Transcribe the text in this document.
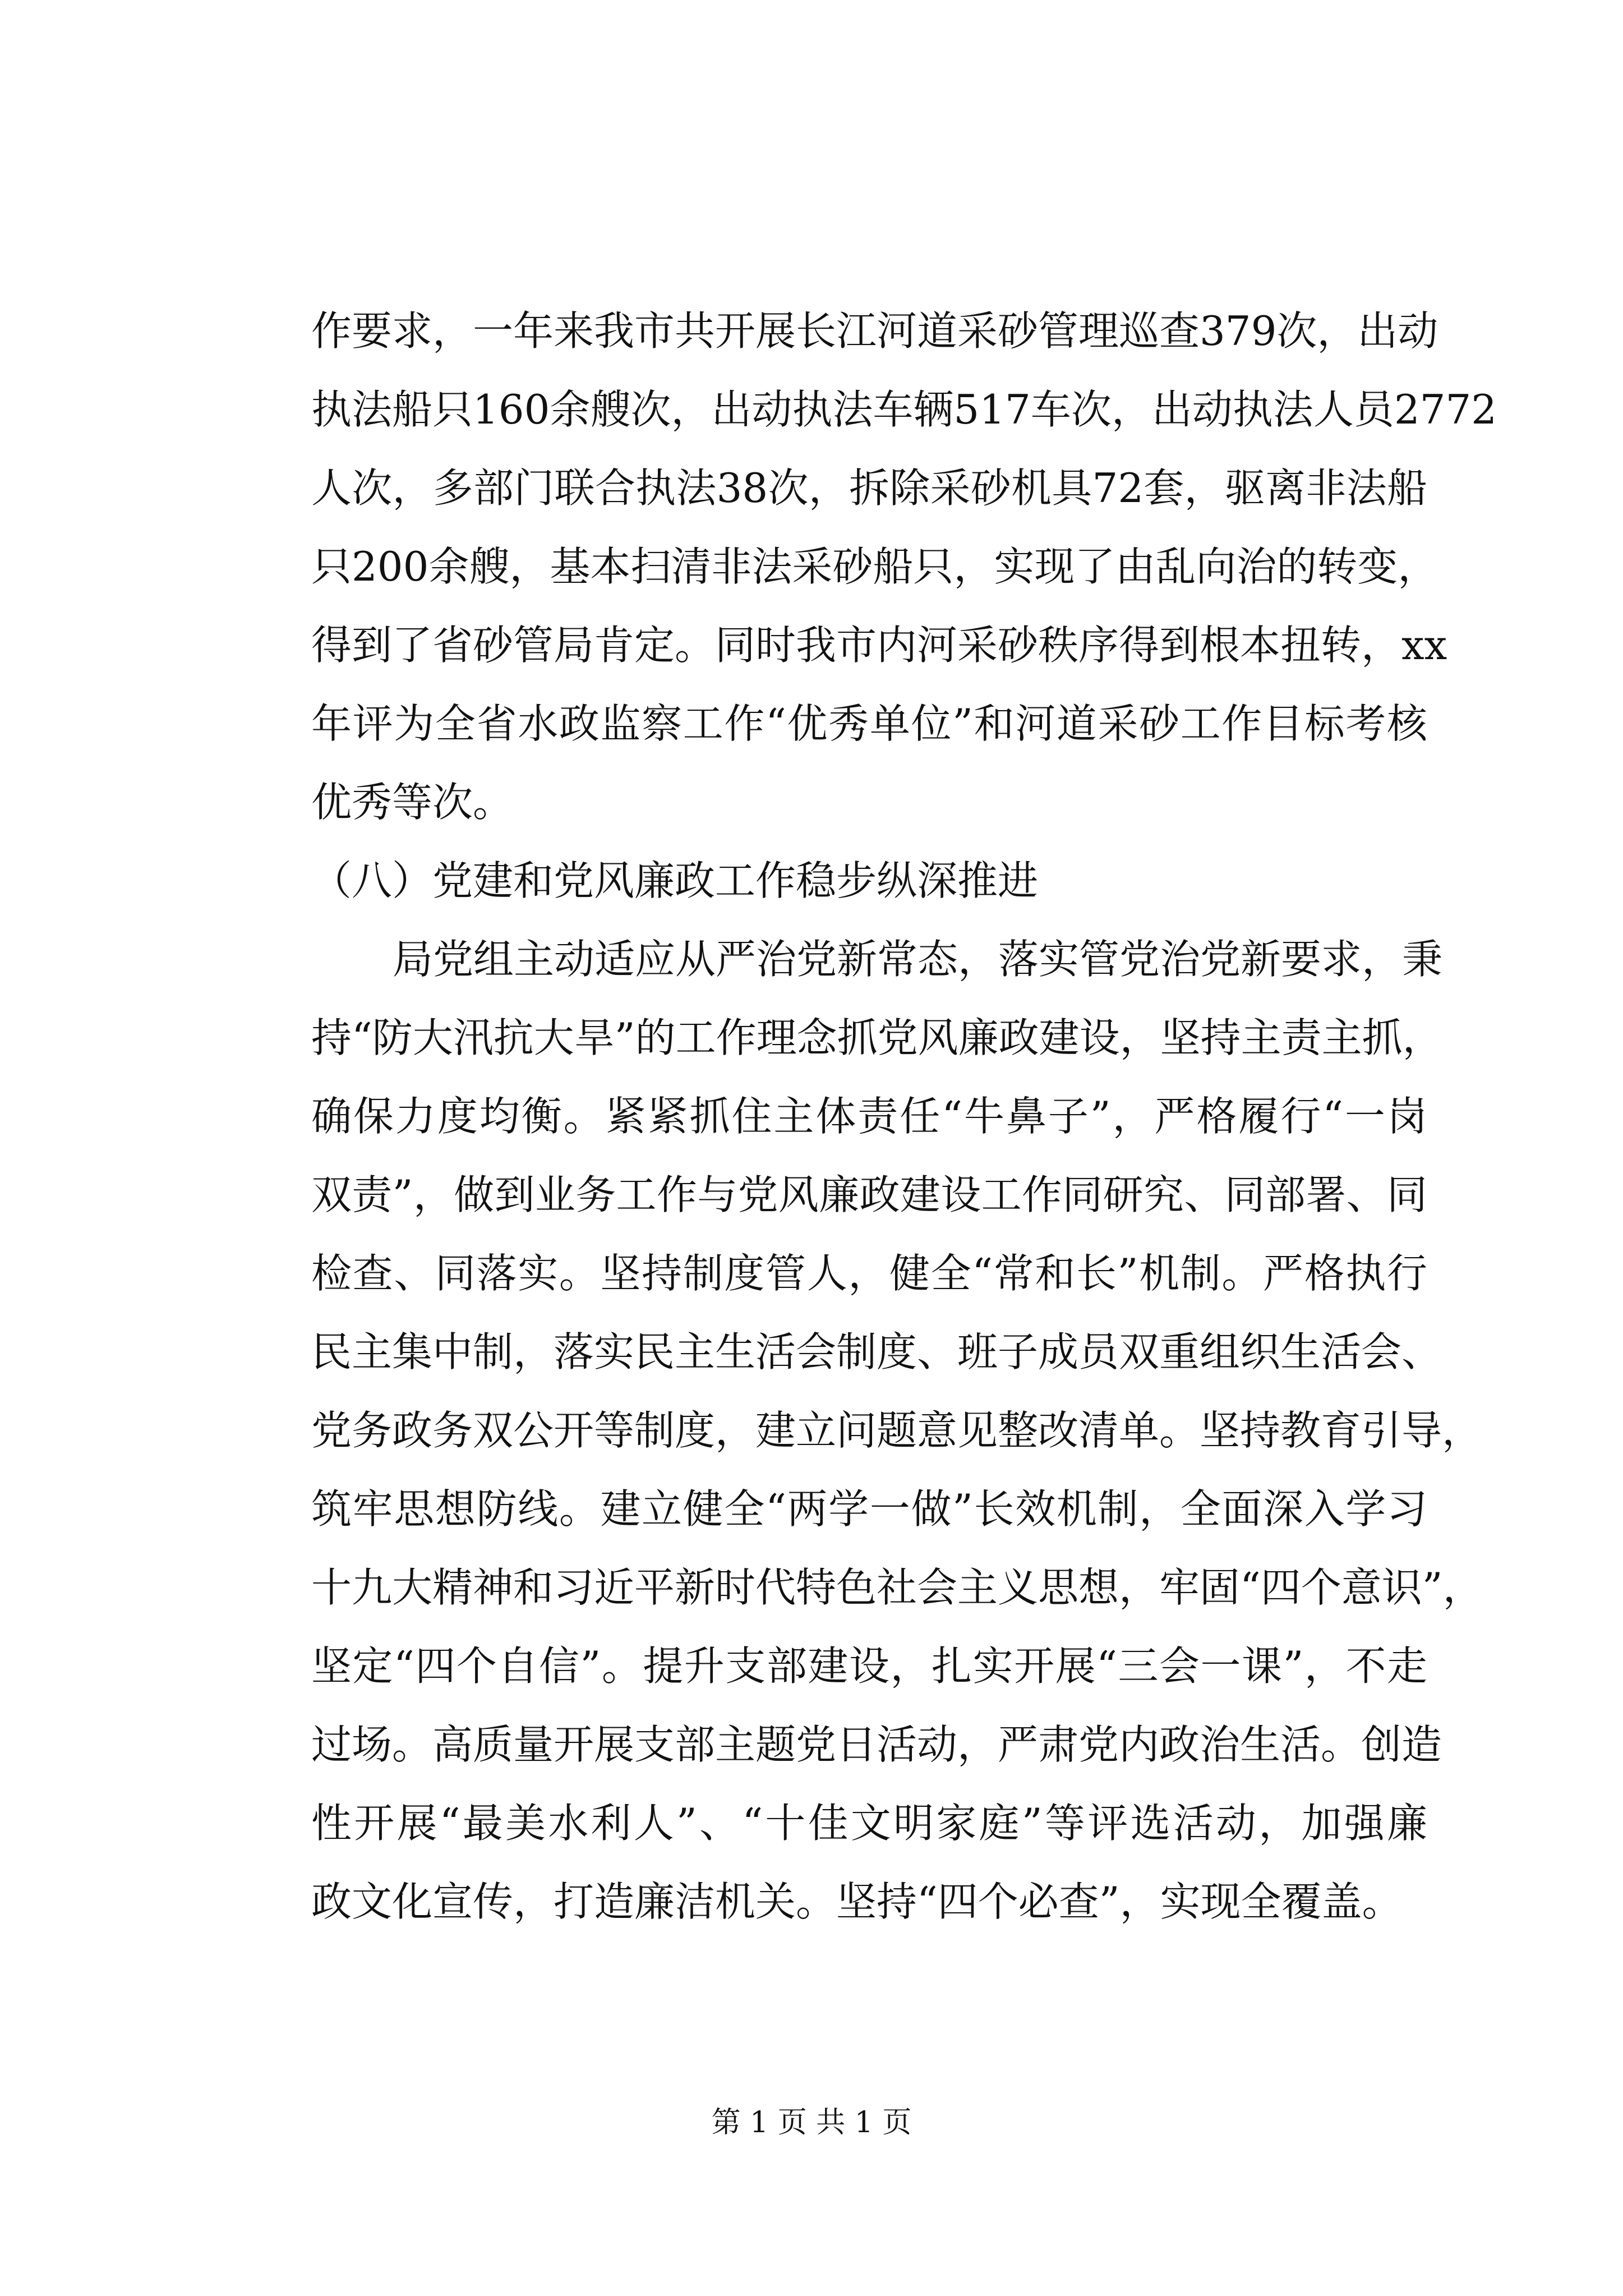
作要求，一年来我市共开展长江河道采砂管理巡查379次，出动
执法船只160余艘次，出动执法车辆517车次，出动执法人员2772
人次，多部门联合执法38次，拆除采砂机具72套，驱离非法船
只200余艘，基本扫清非法采砂船只，实现了由乱向治的转变，
得到了省砂管局肯定。同时我市内河采砂秩序得到根本扭转，xx
年评为全省水政监察工作“优秀单位”和河道采砂工作目标考核
优秀等次。
（八）党建和党风廉政工作稳步纵深推进
局党组主动适应从严治党新常态，落实管党治党新要求，秉
持“防大汛抗大旱”的工作理念抓党风廉政建设，坚持主责主抓，
确保力度均衡。紧紧抓住主体责任“牛鼻子”，严格履行“一岗
双责”，做到业务工作与党风廉政建设工作同研究、同部署、同
检查、同落实。坚持制度管人，健全“常和长”机制。严格执行
民主集中制，落实民主生活会制度、班子成员双重组织生活会、
党务政务双公开等制度，建立问题意见整改清单。坚持教育引导，
筑牢思想防线。建立健全“两学一做”长效机制，全面深入学习
十九大精神和习近平新时代特色社会主义思想，牢固“四个意识”，
坚定“四个自信”。提升支部建设，扎实开展“三会一课”，不走
过场。高质量开展支部主题党日活动，严肃党内政治生活。创造
性开展“最美水利人”、“十佳文明家庭”等评选活动，加强廉
政文化宣传，打造廉洁机关。坚持“四个必查”，实现全覆盖。
第 1 页 共 1 页
